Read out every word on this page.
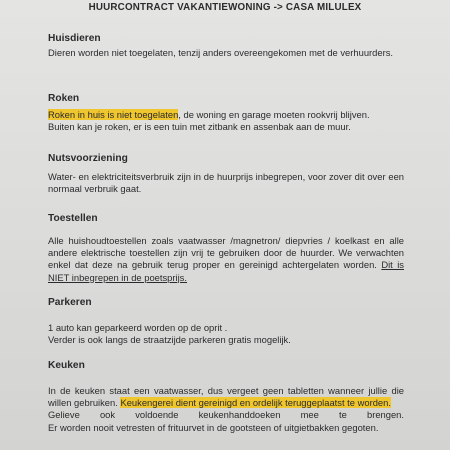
HUURCONTRACT VAKANTIEWONING -> CASA MILULEX
Huisdieren

Dieren worden niet toegelaten, tenzij anders overeengekomen met de verhuurders.

Roken

Roken in huis is niet toegelaten, de woning en garage moeten rookvrij blijven.
Buiten kan je roken, er is een tuin met zitbank en assenbak aan de muur.

Nutsvoorziening

Water- en elektriciteitsverbruik zijn in de huurprijs inbegrepen, voor zover dit over een normaal verbruik gaat.

Toestellen

Alle huishoudtoestellen zoals vaatwasser /magnetron/ diepvries / koelkast en alle andere elektrische toestellen zijn vrij te gebruiken door de huurder. We verwachten enkel dat deze na gebruik terug proper en gereinigd achtergelaten worden. Dit is NIET inbegrepen in de poetsprijs.

Parkeren

1 auto kan geparkeerd worden op de oprit .
Verder is ook langs de straatzijde parkeren gratis mogelijk.

Keuken

In de keuken staat een vaatwasser, dus vergeet geen tabletten wanneer jullie die willen gebruiken. Keukengerei dient gereinigd en ordelijk teruggeplaatst te worden.
Gelieve ook voldoende keukenhanddoeken mee te brengen.
Er worden nooit vetresten of frituurvet in de gootsteen of uitgietbakken gegoten.
